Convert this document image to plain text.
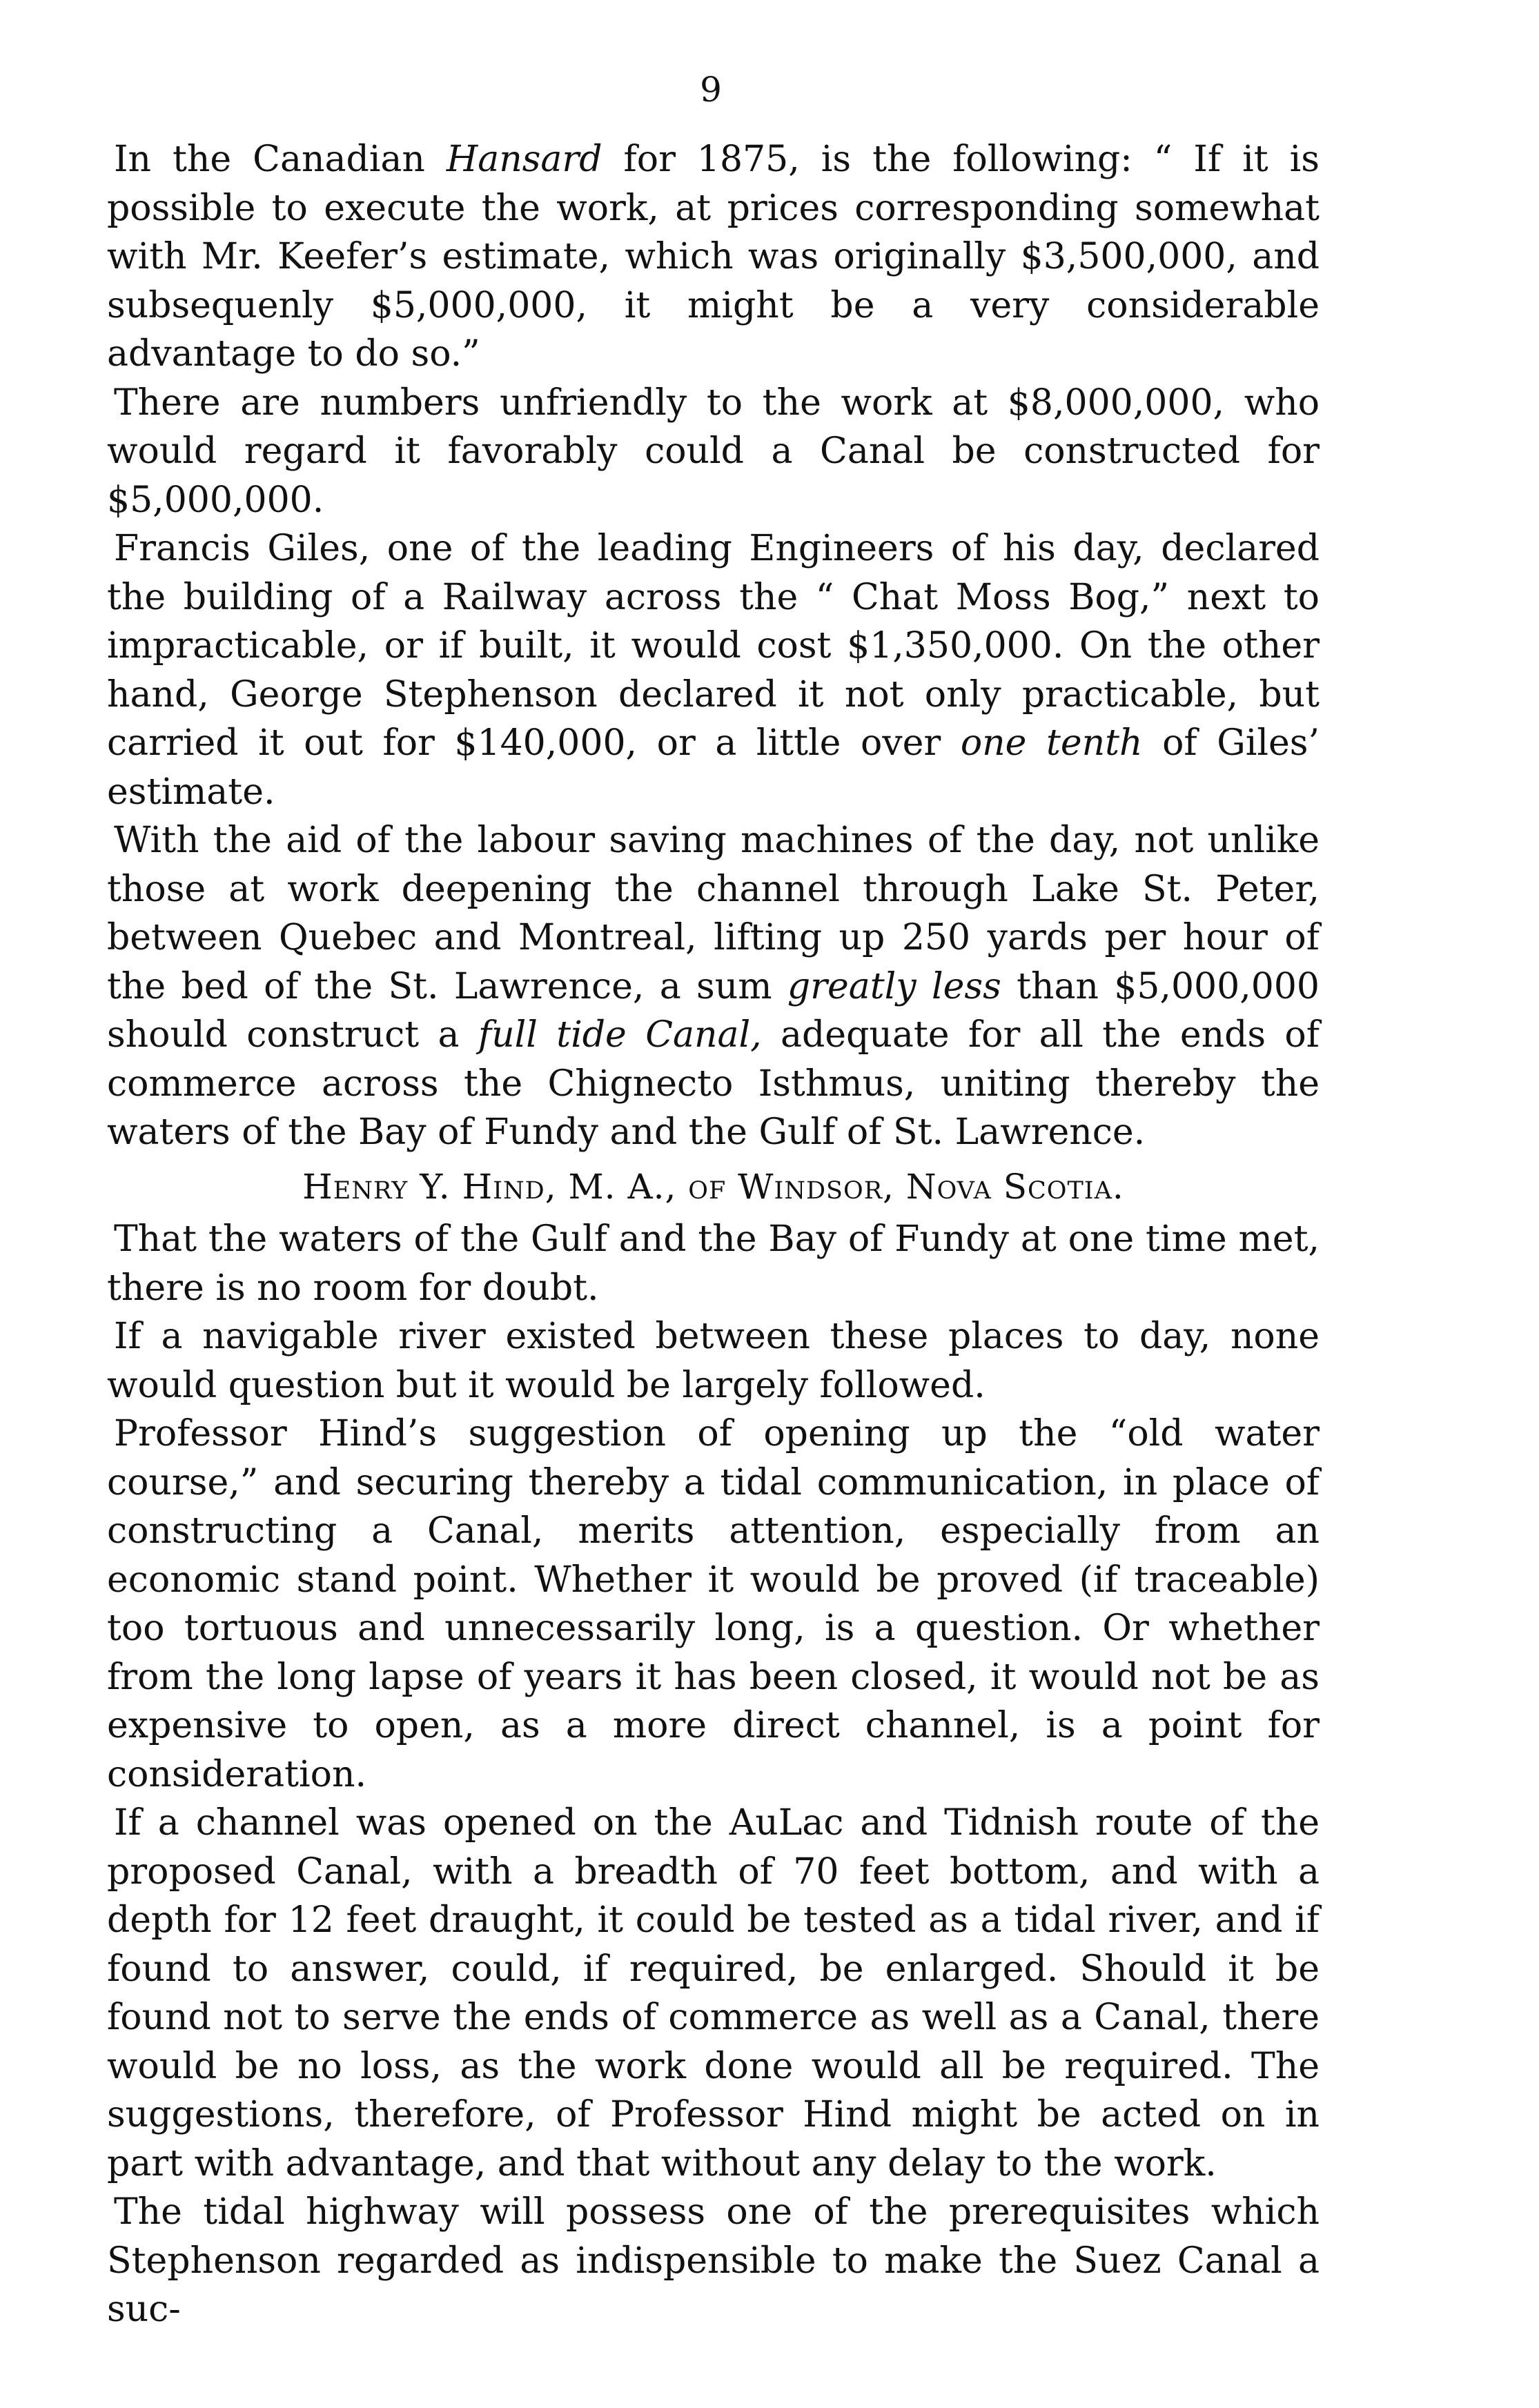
9

In the Canadian Hansard for 1875, is the following: “ If it is possible to execute the work, at prices corresponding somewhat with Mr. Keefer’s estimate, which was originally $3,500,000, and subsequenly $5,000,000, it might be a very considerable advantage to do so.”

There are numbers unfriendly to the work at $8,000,000, who would regard it favorably could a Canal be constructed for $5,000,000.

Francis Giles, one of the leading Engineers of his day, declared the building of a Railway across the “ Chat Moss Bog,” next to impracticable, or if built, it would cost $1,350,000. On the other hand, George Stephenson declared it not only practicable, but carried it out for $140,000, or a little over one tenth of Giles’ estimate.

With the aid of the labour saving machines of the day, not unlike those at work deepening the channel through Lake St. Peter, between Quebec and Montreal, lifting up 250 yards per hour of the bed of the St. Lawrence, a sum greatly less than $5,000,000 should construct a full tide Canal, adequate for all the ends of commerce across the Chignecto Isthmus, uniting thereby the waters of the Bay of Fundy and the Gulf of St. Lawrence.

Henry Y. Hind, M. A., of Windsor, Nova Scotia.

That the waters of the Gulf and the Bay of Fundy at one time met, there is no room for doubt.

If a navigable river existed between these places to day, none would question but it would be largely followed.

Professor Hind’s suggestion of opening up the “old water course,” and securing thereby a tidal communication, in place of constructing a Canal, merits attention, especially from an economic stand point. Whether it would be proved (if traceable) too tortuous and unnecessarily long, is a question. Or whether from the long lapse of years it has been closed, it would not be as expensive to open, as a more direct channel, is a point for consideration.

If a channel was opened on the AuLac and Tidnish route of the proposed Canal, with a breadth of 70 feet bottom, and with a depth for 12 feet draught, it could be tested as a tidal river, and if found to answer, could, if required, be enlarged. Should it be found not to serve the ends of commerce as well as a Canal, there would be no loss, as the work done would all be required. The suggestions, therefore, of Professor Hind might be acted on in part with advantage, and that without any delay to the work.

The tidal highway will possess one of the prerequisites which Stephenson regarded as indispensible to make the Suez Canal a suc-
